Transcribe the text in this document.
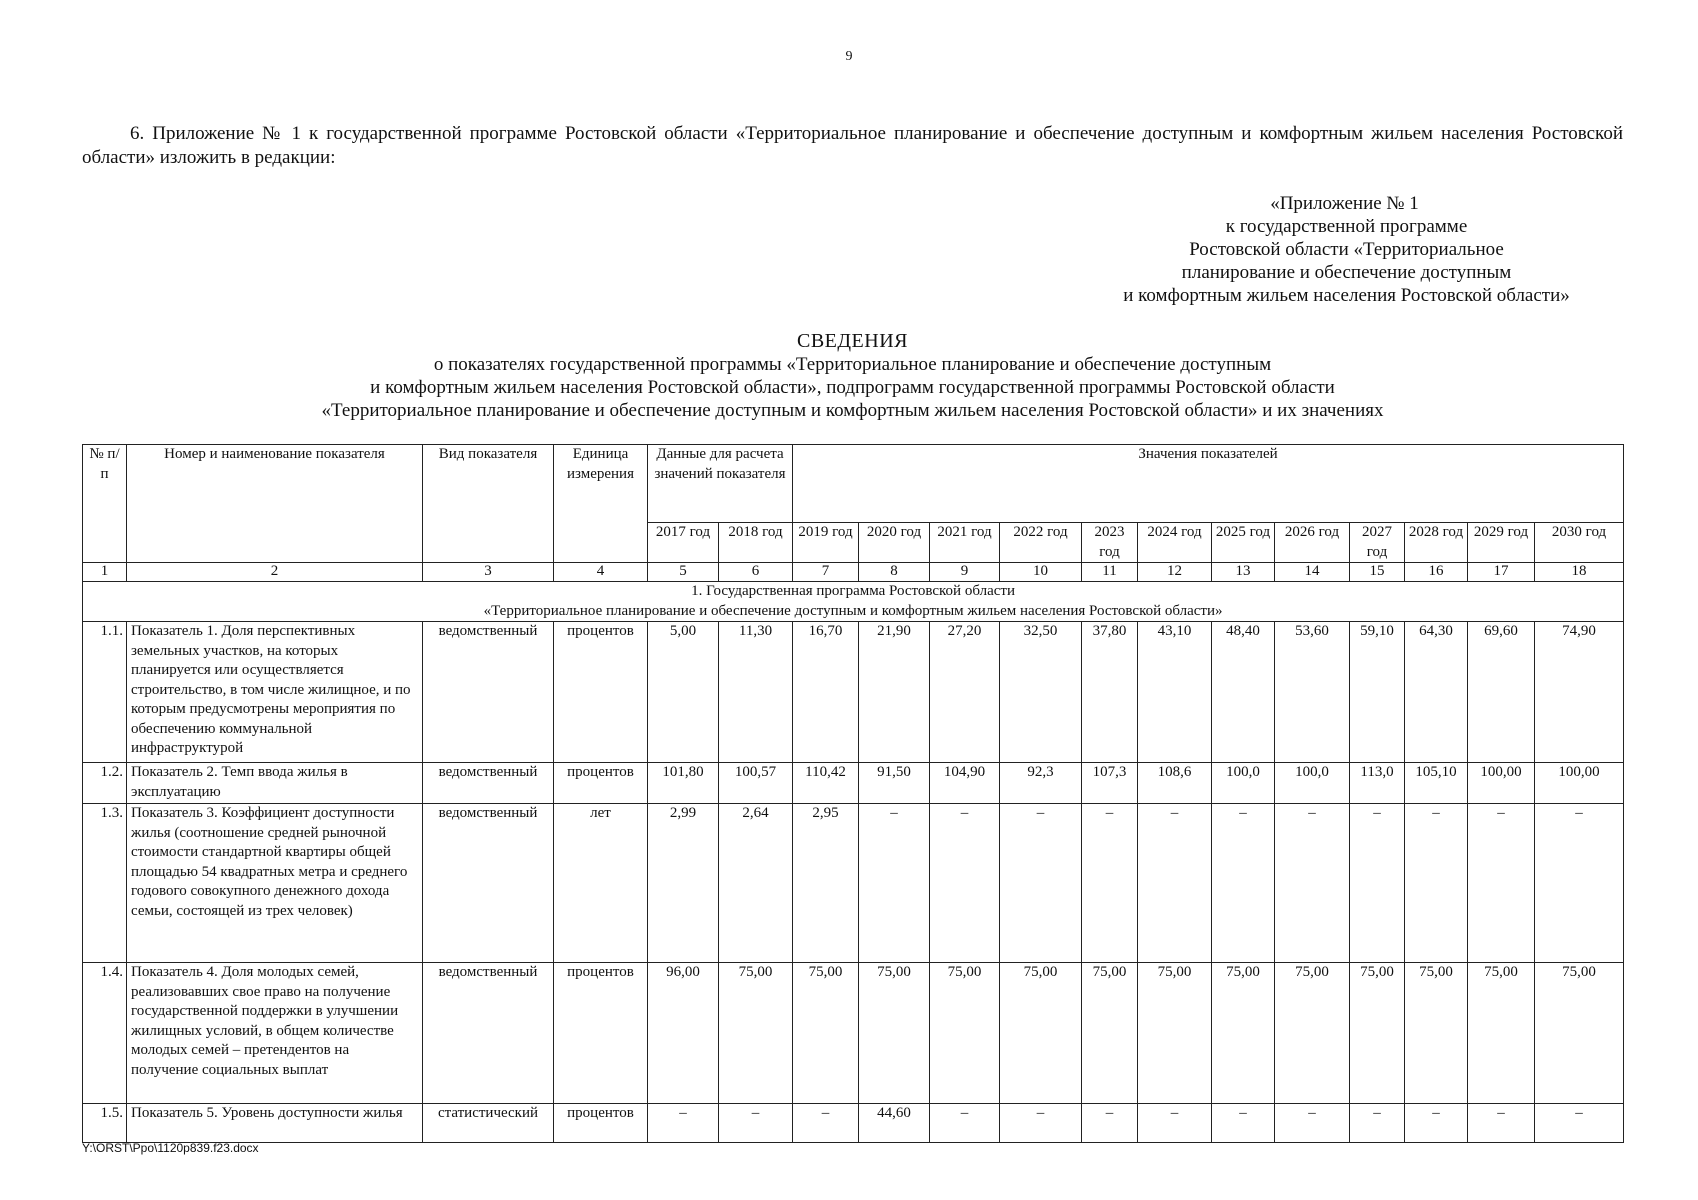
9
6. Приложение № 1 к государственной программе Ростовской области «Территориальное планирование и обеспечение доступным и комфортным жильем населения Ростовской области» изложить в редакции:
«Приложение № 1
к государственной программе
Ростовской области «Территориальное
планирование и обеспечение доступным
и комфортным жильем населения Ростовской области»
СВЕДЕНИЯ
о показателях государственной программы «Территориальное планирование и обеспечение доступным
и комфортным жильем населения Ростовской области», подпрограмм государственной программы Ростовской области
«Территориальное планирование и обеспечение доступным и комфортным жильем населения Ростовской области» и их значениях
№ п/п	Номер и наименование показателя	Вид показателя	Единица измерения	Данные для расчета значений показателя		Значения показателей											
				2017 год	2018 год	2019 год	2020 год	2021 год	2022 год	2023 год	2024 год	2025 год	2026 год	2027 год	2028 год	2029 год	2030 год
1	2	3	4	5	6	7	8	9	10	11	12	13	14	15	16	17	18

1. Государственная программа Ростовской области
«Территориальное планирование и обеспечение доступным и комфортным жильем населения Ростовской области»																	

1.1.	Показатель 1. Доля перспективных земельных участков, на которых планируется или осуществляется строительство, в том числе жилищное, и по которым предусмотрены мероприятия по обеспечению коммунальной инфраструктурой	ведомственный	процентов	5,00	11,30	16,70	21,90	27,20	32,50	37,80	43,10	48,40	53,60	59,10	64,30	69,60	74,90
1.2.	Показатель 2. Темп ввода жилья в эксплуатацию	ведомственный	процентов	101,80	100,57	110,42	91,50	104,90	92,3	107,3	108,6	100,0	100,0	113,0	105,10	100,00	100,00
1.3.	Показатель 3. Коэффициент доступности жилья (соотношение средней рыночной стоимости стандартной квартиры общей площадью 54 квадратных метра и среднего годового совокупного денежного дохода семьи, состоящей из трех человек)	ведомственный	лет	2,99	2,64	2,95	–	–	–	–	–	–	–	–	–	–	–
1.4.	Показатель 4. Доля молодых семей, реализовавших свое право на получение государственной поддержки в улучшении жилищных условий, в общем количестве молодых семей – претендентов на получение социальных выплат	ведомственный	процентов	96,00	75,00	75,00	75,00	75,00	75,00	75,00	75,00	75,00	75,00	75,00	75,00	75,00	75,00
1.5.	Показатель 5. Уровень доступности жилья	статистический	процентов	–	–	–	44,60	–	–	–	–	–	–	–	–	–	–
Y:\ORST\Ppo\1120p839.f23.docx
